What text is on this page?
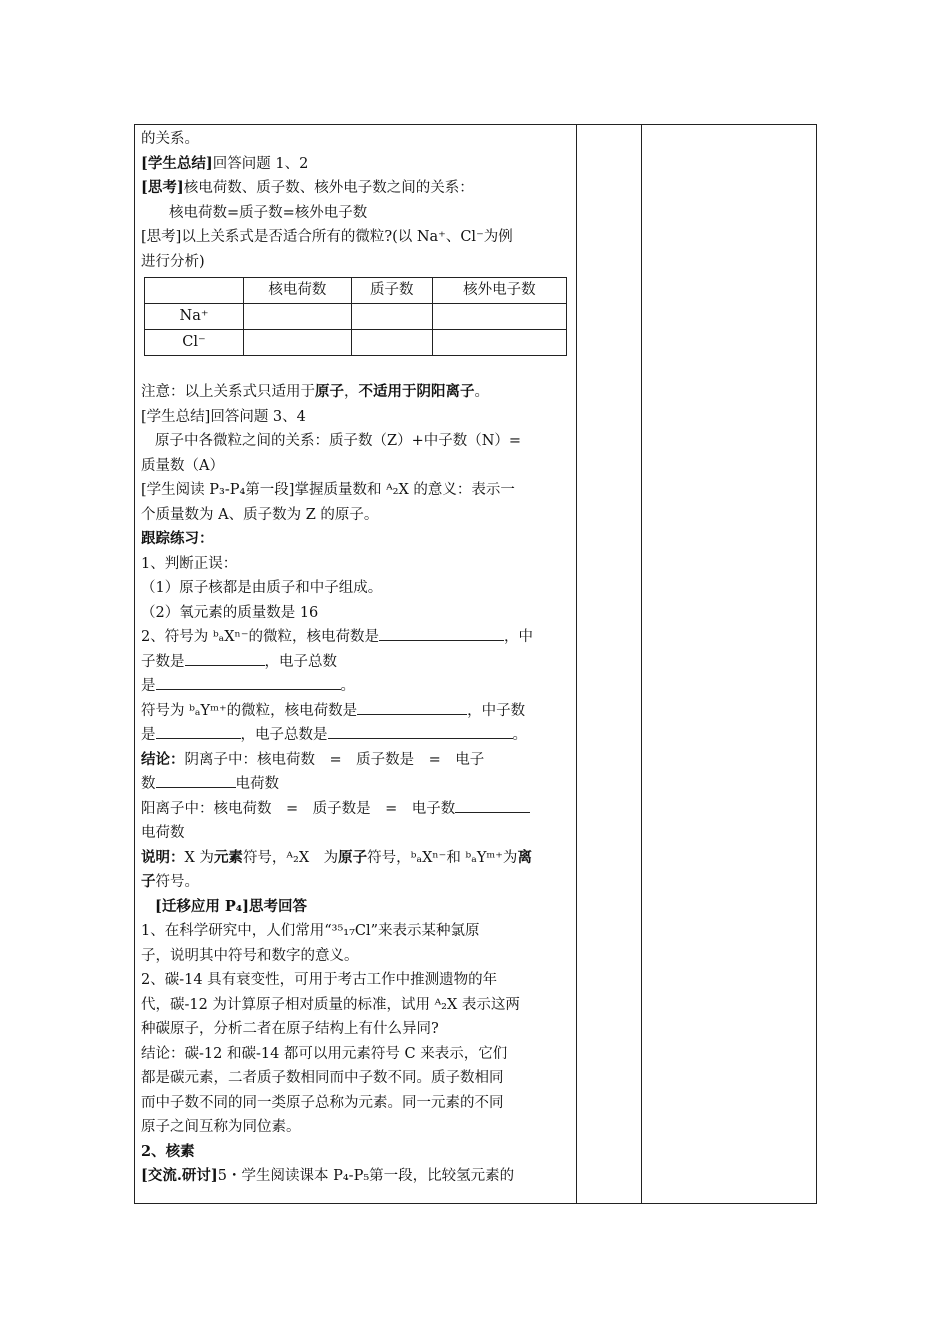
的关系。
[学生总结]回答问题 1、2
[思考]核电荷数、质子数、核外电子数之间的关系：
核电荷数=质子数=核外电子数
[思考]以上关系式是否适合所有的微粒?(以 Na⁺、Cl⁻为例
进行分析)
	核电荷数	质子数	核外电子数
Na⁺			
Cl⁻			
注意：以上关系式只适用于原子，不适用于阴阳离子。
[学生总结]回答问题 3、4
原子中各微粒之间的关系：质子数（Z）+中子数（N）=
质量数（A）
[学生阅读 P₃-P₄第一段]掌握质量数和 ᴬ₂X 的意义：表示一
个质量数为 A、质子数为 Z 的原子。
跟踪练习：
1、判断正误：
（1）原子核都是由质子和中子组成。
（2）氧元素的质量数是 16
2、符号为 ᵇₐXⁿ⁻的微粒，核电荷数是	，中
子数是	，电子总数
是	。
符号为 ᵇₐYᵐ⁺的微粒，核电荷数是	，中子数
是	，电子总数是	。
结论：阴离子中：核电荷数　=　质子数是　=　电子
数	电荷数
阳离子中：核电荷数　=　质子数是　=　电子数
电荷数
说明：X 为元素符号，ᴬ₂X　为原子符号，ᵇₐXⁿ⁻和 ᵇₐYᵐ⁺为离
子符号。
[迁移应用 P₄]思考回答
1、在科学研究中，人们常用“³⁵₁₇Cl”来表示某种氯原
子，说明其中符号和数字的意义。
2、碳-14 具有衰变性，可用于考古工作中推测遗物的年
代，碳-12 为计算原子相对质量的标准，试用 ᴬ₂X 表示这两
种碳原子，分析二者在原子结构上有什么异同?
结论：碳-12 和碳-14 都可以用元素符号 C 来表示，它们
都是碳元素，二者质子数相同而中子数不同。质子数相同
而中子数不同的同一类原子总称为元素。同一元素的不同
原子之间互称为同位素。
2、核素
[交流.研讨]5・学生阅读课本 P₄-P₅第一段，比较氢元素的
